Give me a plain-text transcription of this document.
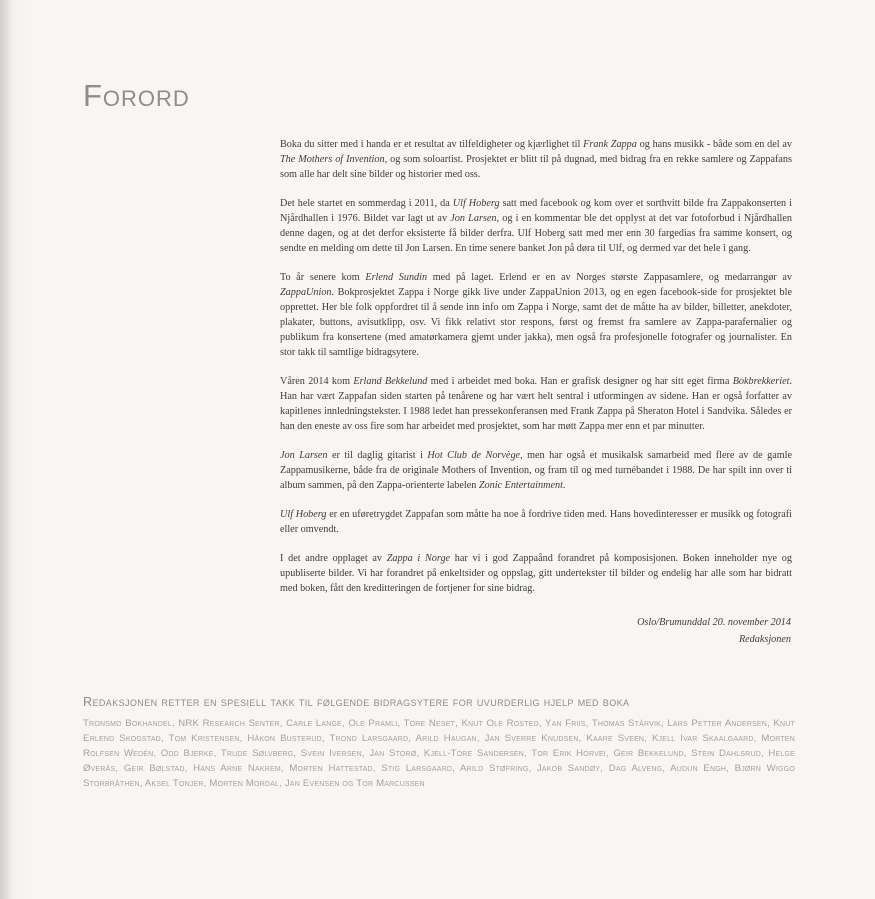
Forord

Boka du sitter med i handa er et resultat av tilfeldigheter og kjærlighet til Frank Zappa og hans musikk - både som en del av The Mothers of Invention, og som soloartist. Prosjektet er blitt til på dugnad, med bidrag fra en rekke samlere og Zappafans som alle har delt sine bilder og historier med oss.

Det hele startet en sommerdag i 2011, da Ulf Hoberg satt med facebook og kom over et sorthvitt bilde fra Zappakonserten i Njårdhallen i 1976. Bildet var lagt ut av Jon Larsen, og i en kommentar ble det opplyst at det var fotoforbud i Njårdhallen denne dagen, og at det derfor eksisterte få bilder derfra. Ulf Hoberg satt med mer enn 30 fargedias fra samme konsert, og sendte en melding om dette til Jon Larsen. En time senere banket Jon på døra til Ulf, og dermed var det hele i gang.

To år senere kom Erlend Sundin med på laget. Erlend er en av Norges største Zappasamlere, og medarrangør av ZappaUnion. Bokprosjektet Zappa i Norge gikk live under ZappaUnion 2013, og en egen facebook-side for prosjektet ble opprettet. Her ble folk oppfordret til å sende inn info om Zappa i Norge, samt det de måtte ha av bilder, billetter, anekdoter, plakater, buttons, avisutklipp, osv. Vi fikk relativt stor respons, først og fremst fra samlere av Zappa-parafernalier og publikum fra konsertene (med amatørkamera gjemt under jakka), men også fra profesjonelle fotografer og journalister. En stor takk til samtlige bidragsytere.

Våren 2014 kom Erland Bekkelund med i arbeidet med boka. Han er grafisk designer og har sitt eget firma Bokbrekkeriet. Han har vært Zappafan siden starten på tenårene og har vært helt sentral i utformingen av sidene. Han er også forfatter av kapitlenes innledningstekster. I 1988 ledet han pressekonferansen med Frank Zappa på Sheraton Hotel i Sandvika. Således er han den eneste av oss fire som har arbeidet med prosjektet, som har møtt Zappa mer enn et par minutter.

Jon Larsen er til daglig gitarist i Hot Club de Norvège, men har også et musikalsk samarbeid med flere av de gamle Zappamusikerne, både fra de originale Mothers of Invention, og fram til og med turnébandet i 1988. De har spilt inn over ti album sammen, på den Zappa-orienterte labelen Zonic Entertainment.

Ulf Hoberg er en uføretrygdet Zappafan som måtte ha noe å fordrive tiden med. Hans hovedinteresser er musikk og fotografi eller omvendt.

I det andre opplaget av Zappa i Norge har vi i god Zappaånd forandret på komposisjonen. Boken inneholder nye og upubliserte bilder. Vi har forandret på enkeltsider og oppslag, gitt undertekster til bilder og endelig har alle som har bidratt med boken, fått den kreditteringen de fortjener for sine bidrag.

Oslo/Brumunddal 20. november 2014
Redaksjonen
Redaksjonen retter en spesiell takk til følgende bidragsytere for uvurderlig hjelp med boka
Tronsmo Bokhandel, NRK Research Senter, Carle Lange, Ole Pramli, Tore Neset, Knut Ole Rosted, Yan Friis, Thomas Stårvik, Lars Petter Andersen, Knut Erlend Skogstad, Tom Kristensen, Håkon Busterud, Trond Larsgaard, Arild Haugan, Jan Sverre Knudsen, Kaare Sveen, Kjell Ivar Skaalgaard, Morten Rolfsen Wedén, Odd Bjerke, Trude Sølvberg, Svein Iversen, Jan Storø, Kjell-Tore Sandersen, Tor Erik Horvei, Geir Bekkelund, Stein Dahlsrud, Helge Øverås, Geir Bølstad, Hans Arne Nakrem, Morten Hattestad, Stig Larsgaard, Arild Støfring, Jakob Sandøy, Dag Alveng, Audun Engh, Bjørn Wiggo Storbråthen, Aksel Tonjer, Morten Mordal, Jan Evensen og Tor Marcussen
